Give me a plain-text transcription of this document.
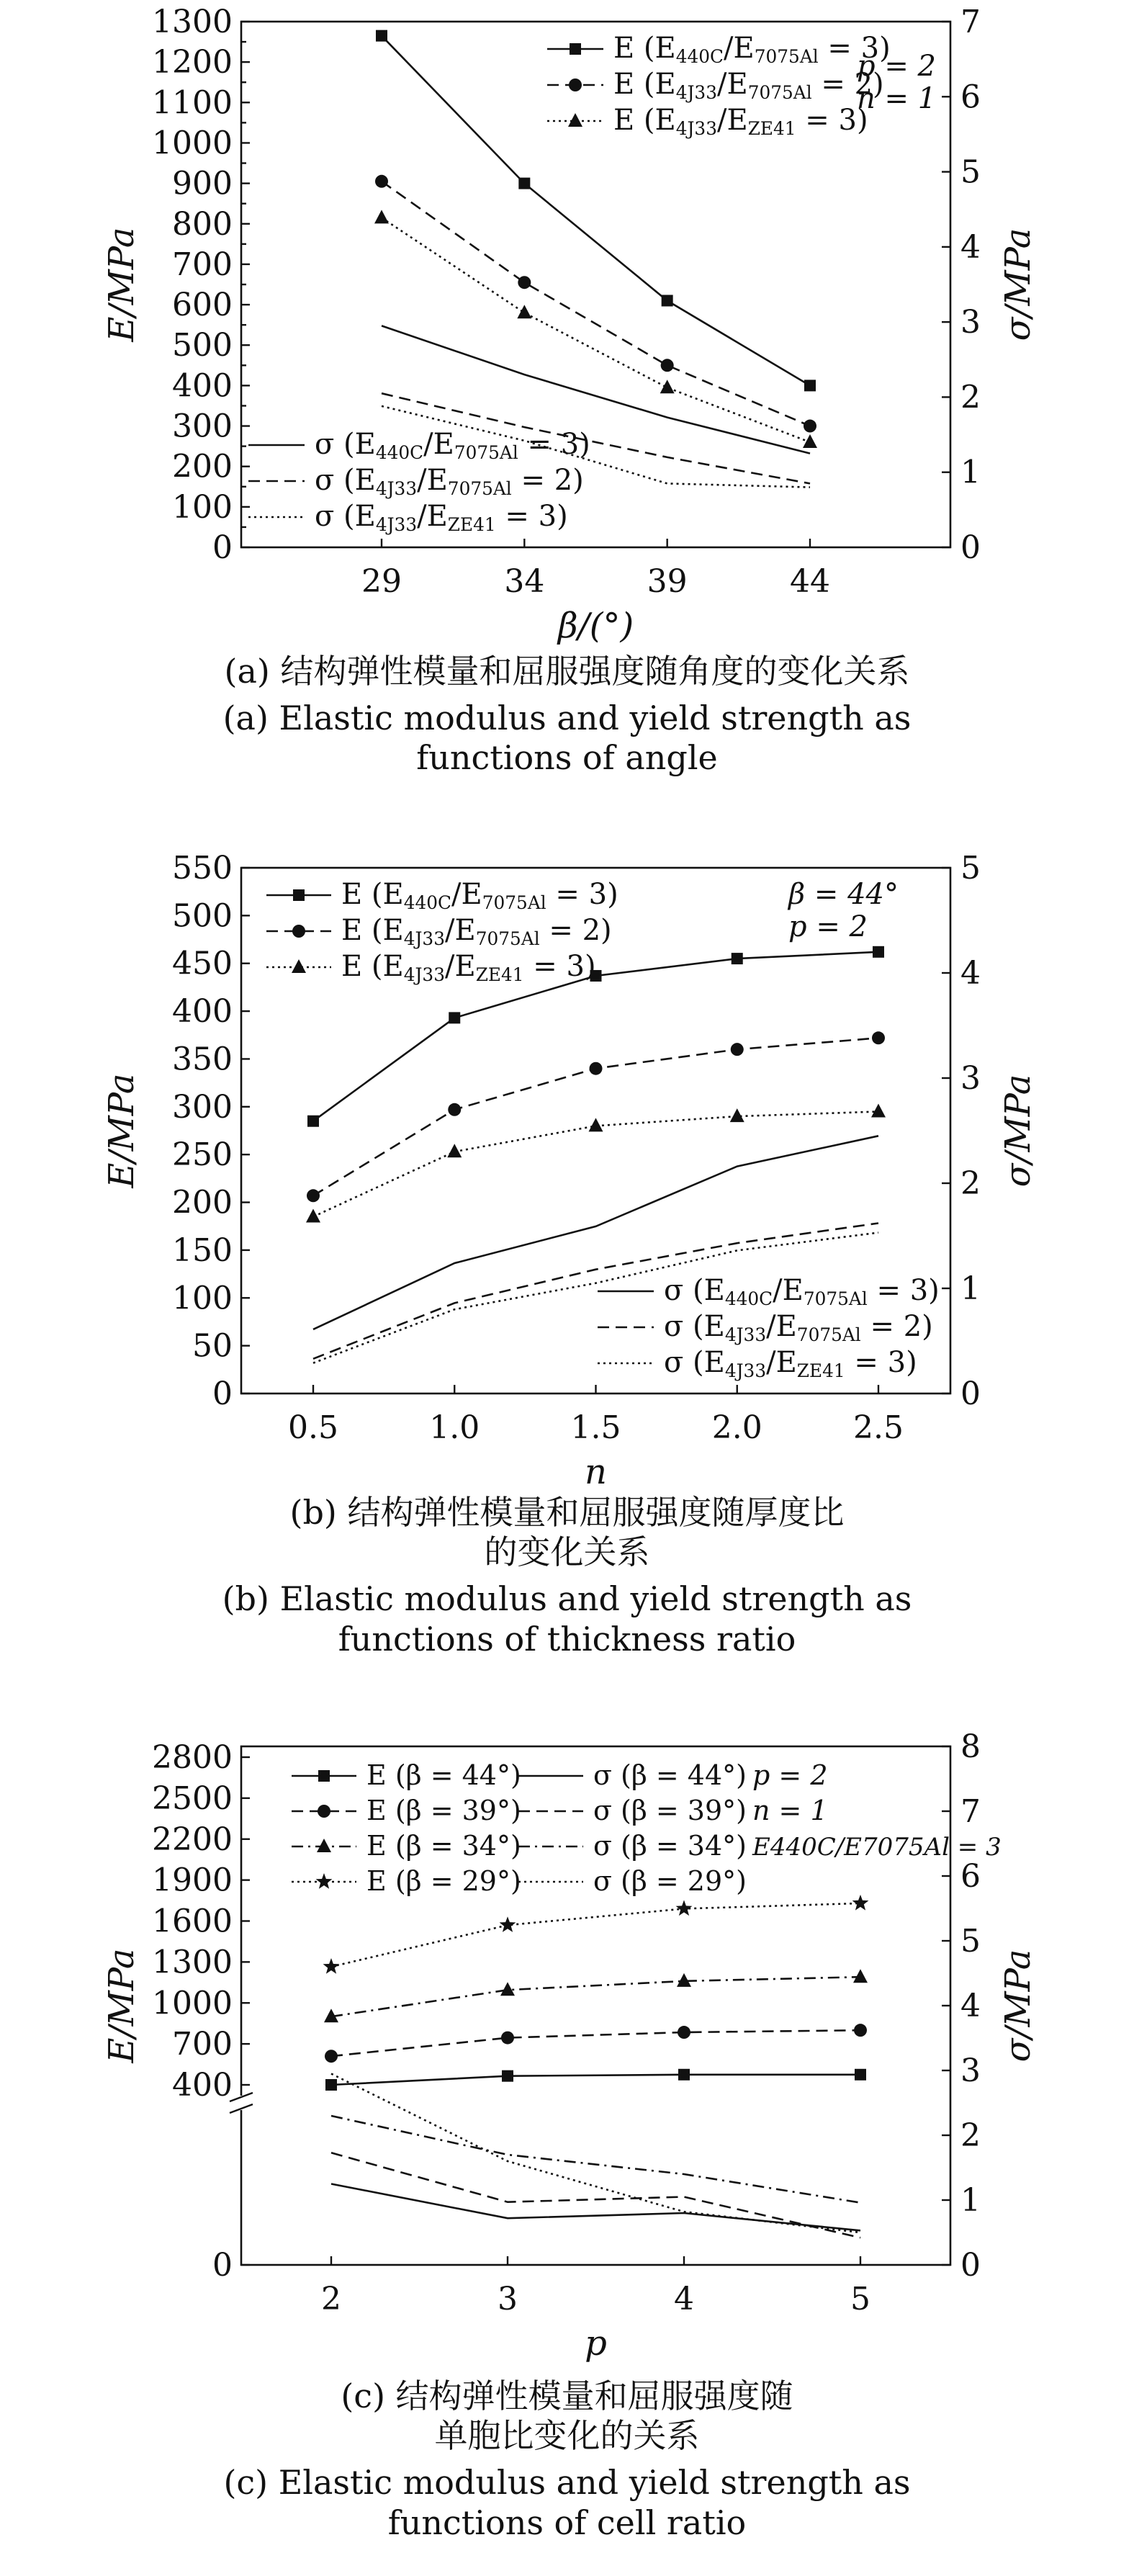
0
100
200
300
400
500
600
700
800
900
1000
1100
1200
1300
0
1
2
3
4
5
6
7
29	34	39	44
β/(°)
E/MPa	σ/MPa
E (E440C/E7075Al = 3)
E (E4J33/E7075Al = 2)
E (E4J33/EZE41 = 3)
σ (E440C/E7075Al = 3)
σ (E4J33/E7075Al = 2)
σ (E4J33/EZE41 = 3)
p = 2
n = 1
0
50
100
150
200
250
300
350
400
450
500
550
0
1
2
3
4
5
0.5	1.0	1.5	2.0	2.5
n
E/MPa	σ/MPa
E (E440C/E7075Al = 3)
E (E4J33/E7075Al = 2)
E (E4J33/EZE41 = 3)
σ (E440C/E7075Al = 3)
σ (E4J33/E7075Al = 2)
σ (E4J33/EZE41 = 3)
β = 44°
p = 2
400
700
1000
1300
1600
1900
2200
2500
2800
0	0
1
2
3
4
5
6
7
8
2	3	4	5
p
E/MPa	σ/MPa
E (β = 44°)
E (β = 39°)
E (β = 34°)
E (β = 29°)
σ (β = 44°)
σ (β = 39°)
σ (β = 34°)
σ (β = 29°)
p = 2
n = 1
E440C/E7075Al = 3
(a) 结构弹性模量和屈服强度随角度的变化关系
(a) Elastic modulus and yield strength as
functions of angle
(b) 结构弹性模量和屈服强度随厚度比
的变化关系
(b) Elastic modulus and yield strength as
functions of thickness ratio
(c) 结构弹性模量和屈服强度随
单胞比变化的关系
(c) Elastic modulus and yield strength as
functions of cell ratio
